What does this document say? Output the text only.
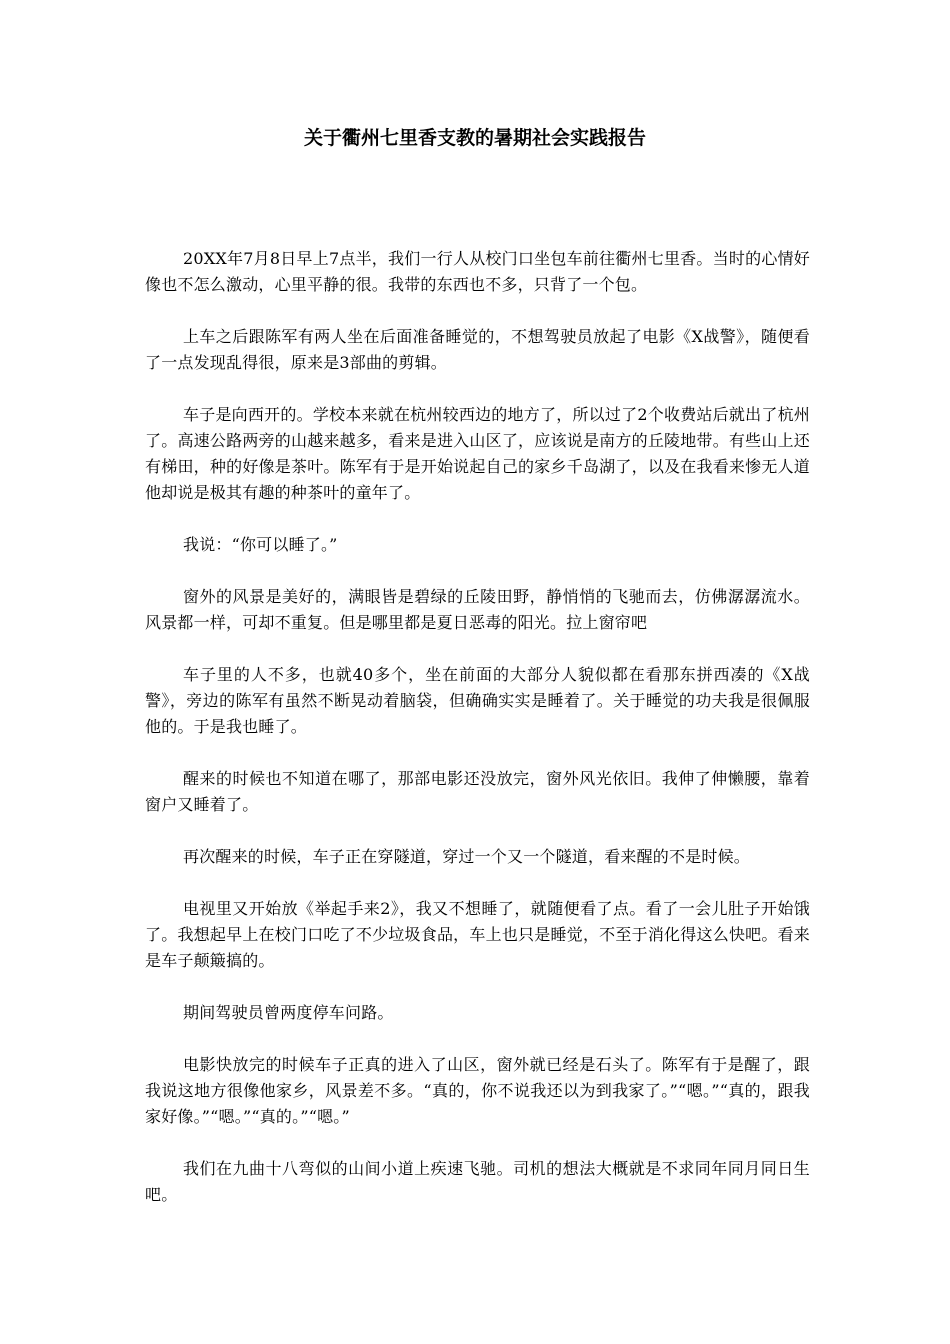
关于衢州七里香支教的暑期社会实践报告

20XX年7月8日早上7点半，我们一行人从校门口坐包车前往衢州七里香。当时的心情好像也不怎么激动，心里平静的很。我带的东西也不多，只背了一个包。

上车之后跟陈军有两人坐在后面准备睡觉的，不想驾驶员放起了电影《X战警》，随便看了一点发现乱得很，原来是3部曲的剪辑。

车子是向西开的。学校本来就在杭州较西边的地方了，所以过了2个收费站后就出了杭州了。高速公路两旁的山越来越多，看来是进入山区了，应该说是南方的丘陵地带。有些山上还有梯田，种的好像是茶叶。陈军有于是开始说起自己的家乡千岛湖了，以及在我看来惨无人道他却说是极其有趣的种茶叶的童年了。

我说：“你可以睡了。”

窗外的风景是美好的，满眼皆是碧绿的丘陵田野，静悄悄的飞驰而去，仿佛潺潺流水。风景都一样，可却不重复。但是哪里都是夏日恶毒的阳光。拉上窗帘吧

车子里的人不多，也就40多个，坐在前面的大部分人貌似都在看那东拼西凑的《X战警》，旁边的陈军有虽然不断晃动着脑袋，但确确实实是睡着了。关于睡觉的功夫我是很佩服他的。于是我也睡了。

醒来的时候也不知道在哪了，那部电影还没放完，窗外风光依旧。我伸了伸懒腰，靠着窗户又睡着了。

再次醒来的时候，车子正在穿隧道，穿过一个又一个隧道，看来醒的不是时候。

电视里又开始放《举起手来2》，我又不想睡了，就随便看了点。看了一会儿肚子开始饿了。我想起早上在校门口吃了不少垃圾食品，车上也只是睡觉，不至于消化得这么快吧。看来是车子颠簸搞的。

期间驾驶员曾两度停车问路。

电影快放完的时候车子正真的进入了山区，窗外就已经是石头了。陈军有于是醒了，跟我说这地方很像他家乡，风景差不多。“真的，你不说我还以为到我家了。”“嗯。”“真的，跟我家好像。”“嗯。”“真的。”“嗯。”

我们在九曲十八弯似的山间小道上疾速飞驰。司机的想法大概就是不求同年同月同日生吧。
